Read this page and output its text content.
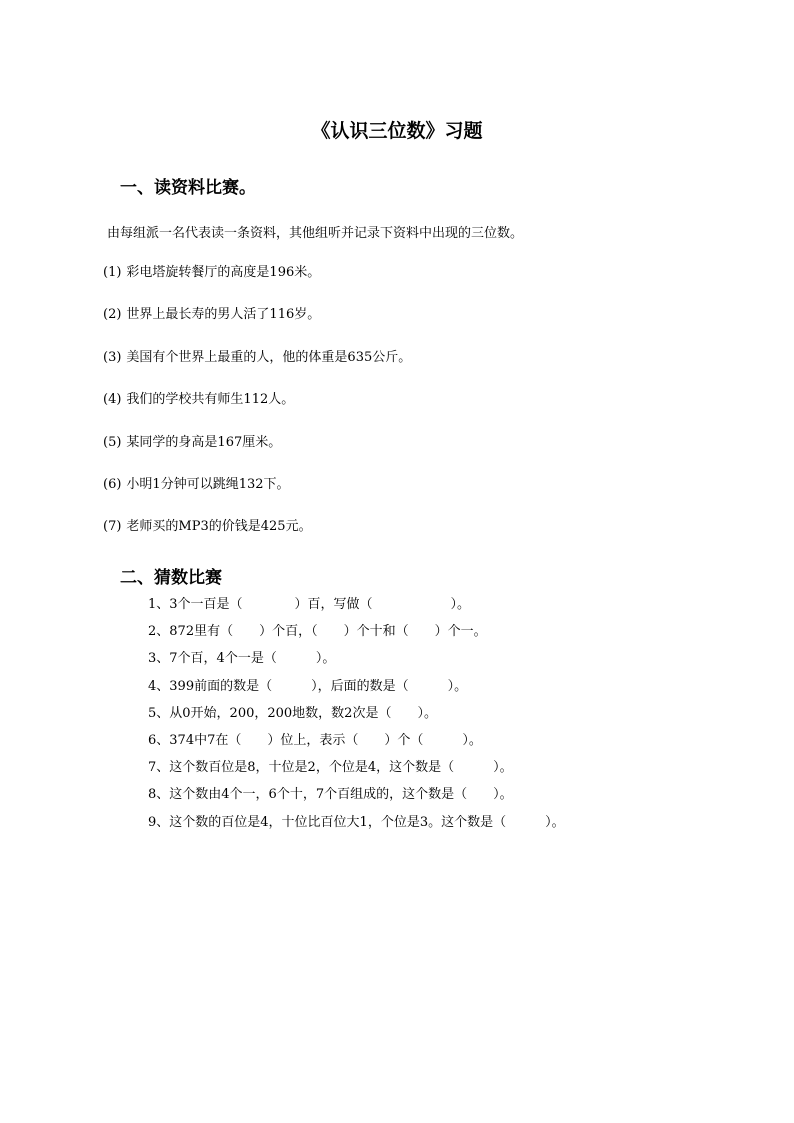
《认识三位数》习题
一、读资料比赛。

由每组派一名代表读一条资料，其他组听并记录下资料中出现的三位数。

(1) 彩电塔旋转餐厅的高度是196米。
(2) 世界上最长寿的男人活了116岁。
(3) 美国有个世界上最重的人，他的体重是635公斤。
(4) 我们的学校共有师生112人。
(5) 某同学的身高是167厘米。
(6) 小明1分钟可以跳绳132下。
(7) 老师买的MP3的价钱是425元。
二、猜数比赛
1、3个一百是（　　　　）百，写做（　　　　　　）。
2、872里有（　　）个百，（　　）个十和（　　）个一。
3、7个百，4个一是（　　　）。
4、399前面的数是（　　　），后面的数是（　　　）。
5、从0开始，200，200地数，数2次是（　　）。
6、374中7在（　　）位上，表示（　　）个（　　　）。
7、这个数百位是8，十位是2，个位是4，这个数是（　　　）。
8、这个数由4个一，6个十，7个百组成的，这个数是（　　）。
9、这个数的百位是4，十位比百位大1，个位是3。这个数是（　　　）。
